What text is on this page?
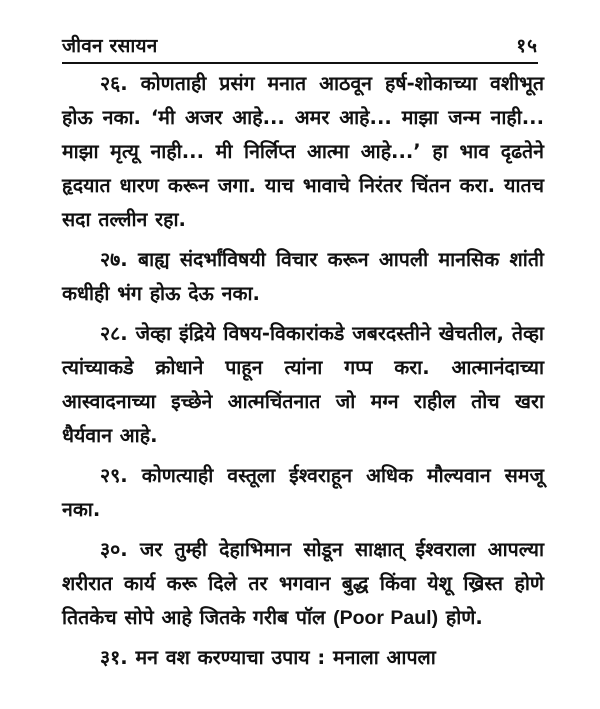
जीवन रसायन	१५

२६. कोणताही प्रसंग मनात आठवून हर्ष-शोकाच्या वशीभूत होऊ नका. ‘मी अजर आहे... अमर आहे... माझा जन्म नाही... माझा मृत्यू नाही... मी निर्लिप्त आत्मा आहे...’ हा भाव दृढतेने हृदयात धारण करून जगा. याच भावाचे निरंतर चिंतन करा. यातच सदा तल्लीन रहा.

२७. बाह्य संदर्भांविषयी विचार करून आपली मानसिक शांती कधीही भंग होऊ देऊ नका.

२८. जेव्हा इंद्रिये विषय-विकारांकडे जबरदस्तीने खेचतील, तेव्हा त्यांच्याकडे क्रोधाने पाहून त्यांना गप्प करा. आत्मानंदाच्या आस्वादनाच्या इच्छेने आत्मचिंतनात जो मग्न राहील तोच खरा धैर्यवान आहे.

२९. कोणत्याही वस्तूला ईश्वराहून अधिक मौल्यवान समजू नका.

३०. जर तुम्ही देहाभिमान सोडून साक्षात् ईश्वराला आपल्या शरीरात कार्य करू दिले तर भगवान बुद्ध किंवा येशू ख्रिस्त होणे तितकेच सोपे आहे जितके गरीब पॉल (Poor Paul) होणे.

३१. मन वश करण्याचा उपाय : मनाला आपला
